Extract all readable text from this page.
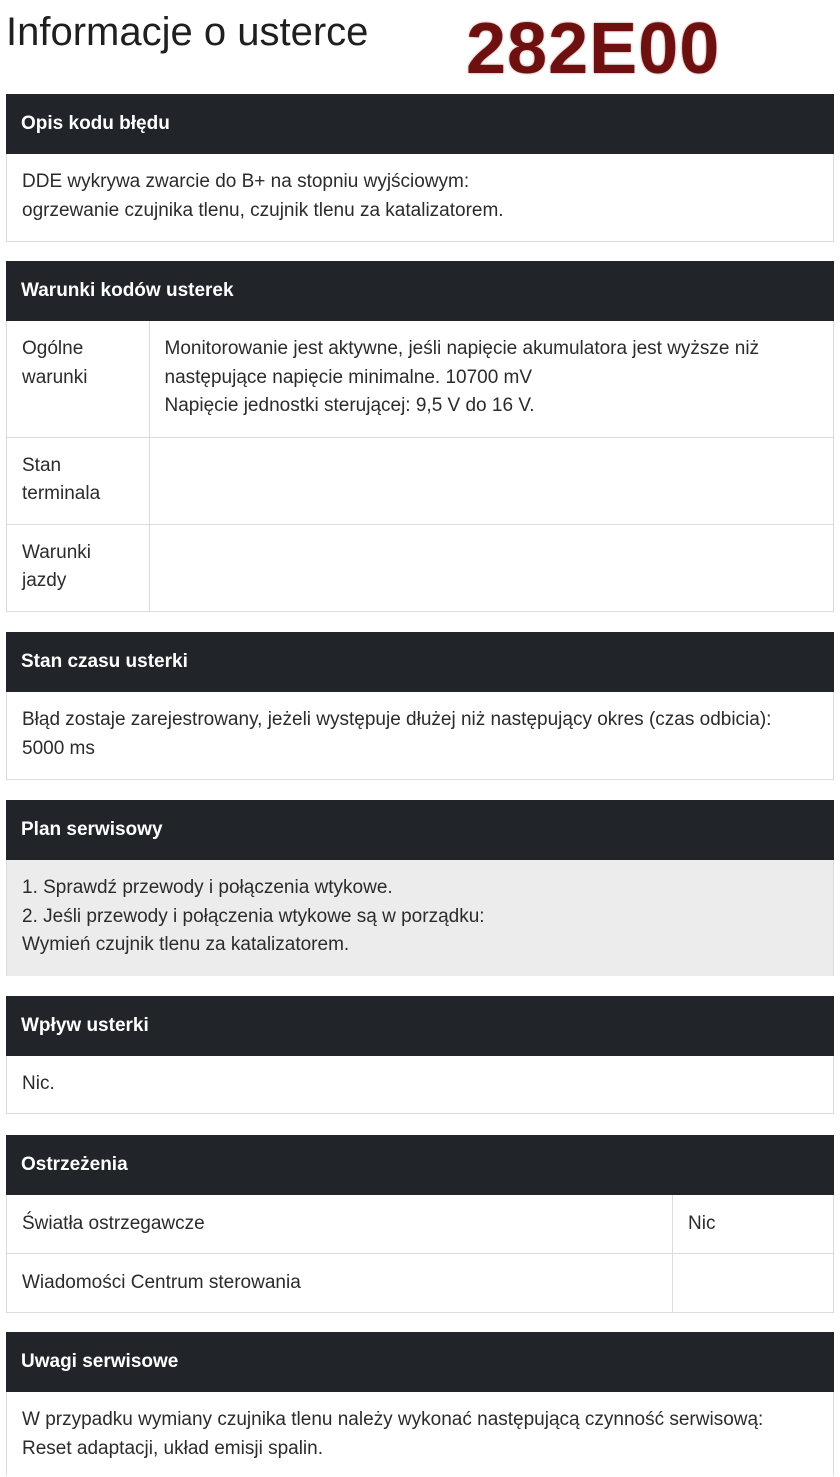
Informacje o usterce 282E00
Opis kodu błędu
DDE wykrywa zwarcie do B+ na stopniu wyjściowym:
ogrzewanie czujnika tlenu, czujnik tlenu za katalizatorem.
Warunki kodów usterek
Ogólne
warunki	Monitorowanie jest aktywne, jeśli napięcie akumulatora jest wyższe niż
następujące napięcie minimalne. 10700 mV
Napięcie jednostki sterującej: 9,5 V do 16 V.

Stan
terminala	

Warunki
jazdy	

Stan czasu usterki
Błąd zostaje zarejestrowany, jeżeli występuje dłużej niż następujący okres (czas odbicia):
5000 ms
Plan serwisowy
1. Sprawdź przewody i połączenia wtykowe.
2. Jeśli przewody i połączenia wtykowe są w porządku:
Wymień czujnik tlenu za katalizatorem.
Wpływ usterki
Nic.
Ostrzeżenia
Światła ostrzegawcze	Nic
Wiadomości Centrum sterowania	
Uwagi serwisowe
W przypadku wymiany czujnika tlenu należy wykonać następującą czynność serwisową:
Reset adaptacji, układ emisji spalin.
